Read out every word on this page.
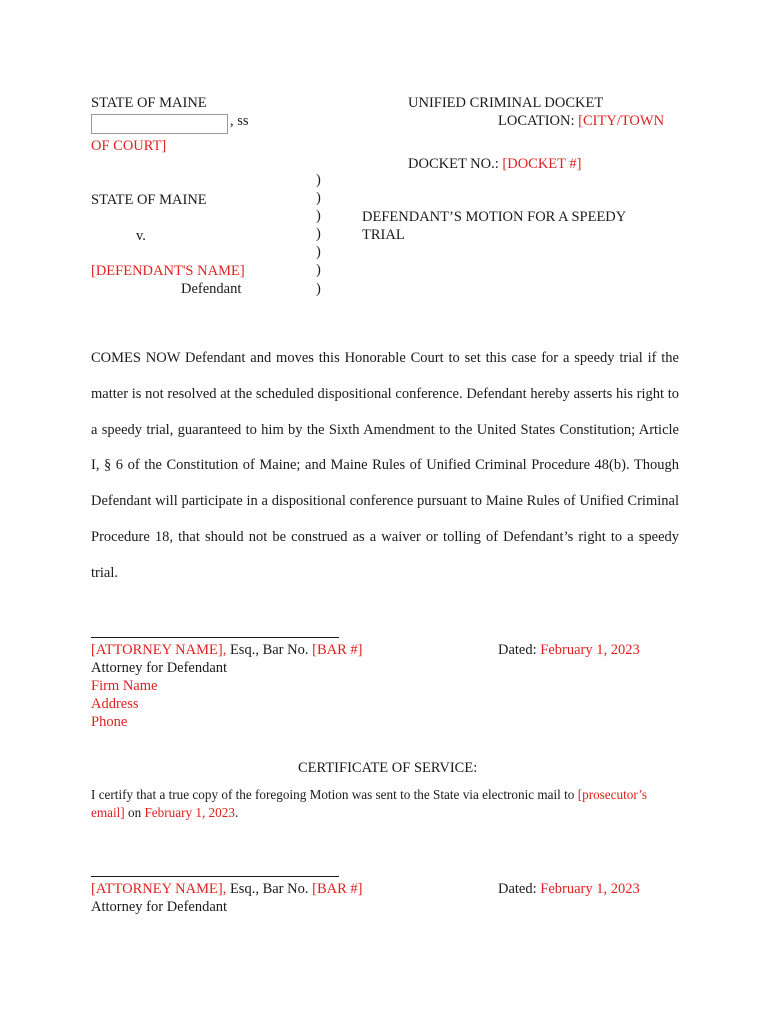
STATE OF MAINE
, ss
OF COURT]
UNIFIED CRIMINAL DOCKET
LOCATION: [CITY/TOWN
DOCKET NO.: [DOCKET #]
STATE OF MAINE
v.
[DEFENDANT'S NAME]
Defendant
)
)
)
)
)
)
)
DEFENDANT’S MOTION FOR A SPEEDY
TRIAL
COMES NOW Defendant and moves this Honorable Court to set this case for a speedy trial if the matter is not resolved at the scheduled dispositional conference. Defendant hereby asserts his right to a speedy trial, guaranteed to him by the Sixth Amendment to the United States Constitution; Article I, § 6 of the Constitution of Maine; and Maine Rules of Unified Criminal Procedure 48(b). Though Defendant will participate in a dispositional conference pursuant to Maine Rules of Unified Criminal Procedure 18, that should not be construed as a waiver or tolling of Defendant’s right to a speedy trial.
[ATTORNEY NAME], Esq., Bar No. [BAR #]
Attorney for Defendant
Firm Name
Address
Phone
Dated: February 1, 2023
CERTIFICATE OF SERVICE:
I certify that a true copy of the foregoing Motion was sent to the State via electronic mail to [prosecutor’s email] on February 1, 2023.
[ATTORNEY NAME], Esq., Bar No. [BAR #]
Attorney for Defendant
Dated: February 1, 2023
